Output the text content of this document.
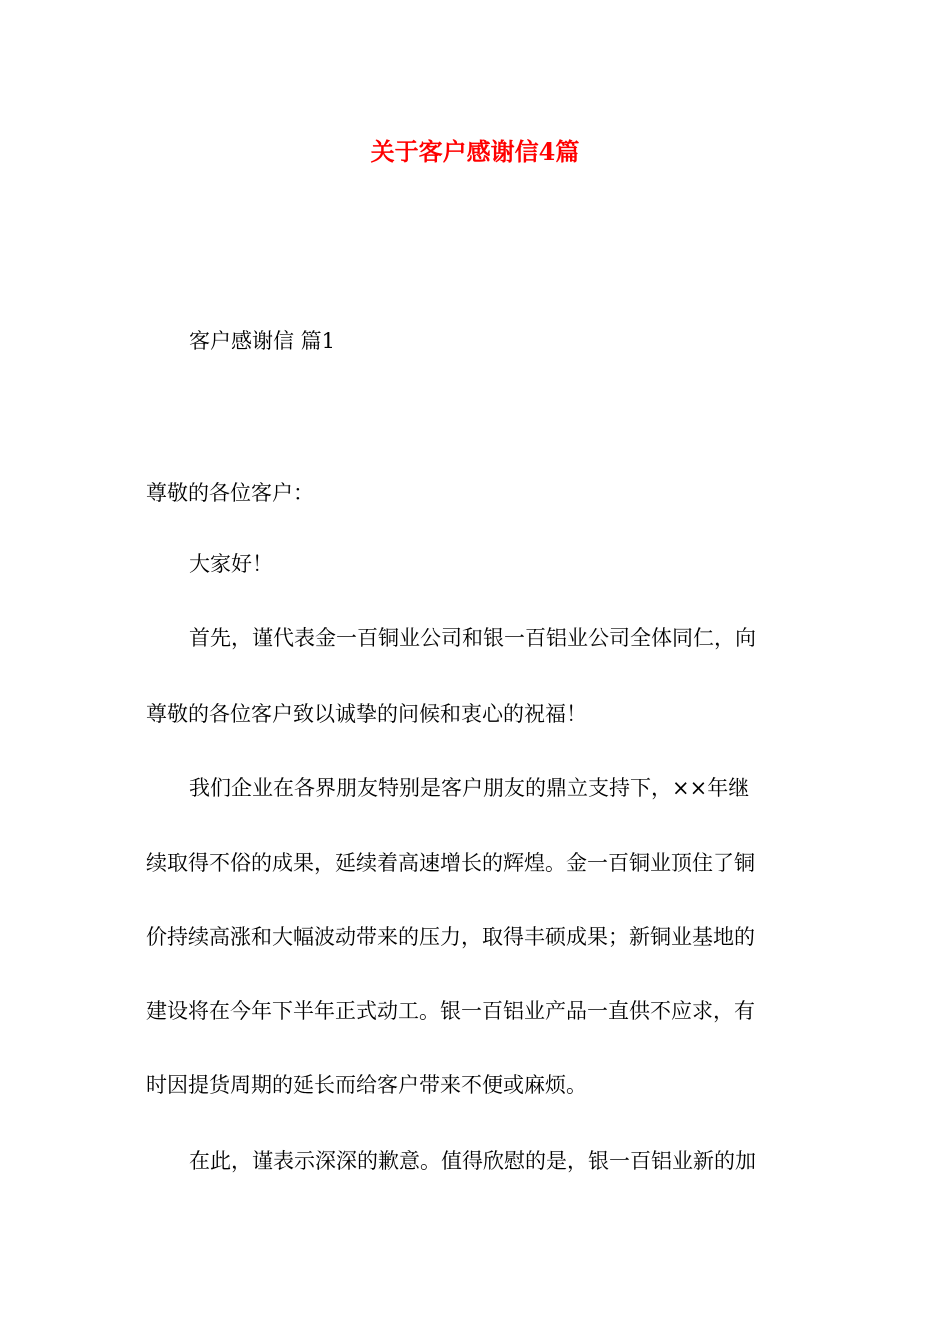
关于客户感谢信4篇

客户感谢信 篇1

尊敬的各位客户：

大家好！

首先，谨代表金一百铜业公司和银一百铝业公司全体同仁，向

尊敬的各位客户致以诚挚的问候和衷心的祝福！

我们企业在各界朋友特别是客户朋友的鼎立支持下，××年继

续取得不俗的成果，延续着高速增长的辉煌。金一百铜业顶住了铜

价持续高涨和大幅波动带来的压力，取得丰硕成果；新铜业基地的

建设将在今年下半年正式动工。银一百铝业产品一直供不应求，有

时因提货周期的延长而给客户带来不便或麻烦。

在此，谨表示深深的歉意。值得欣慰的是，银一百铝业新的加
